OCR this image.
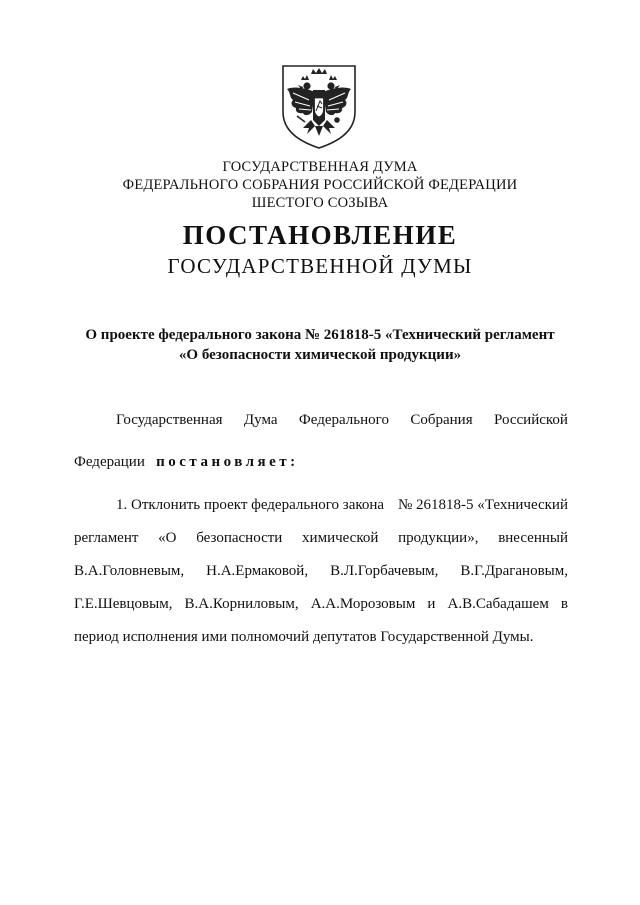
ГОСУДАРСТВЕННАЯ ДУМА
ФЕДЕРАЛЬНОГО СОБРАНИЯ РОССИЙСКОЙ ФЕДЕРАЦИИ
ШЕСТОГО СОЗЫВА
ПОСТАНОВЛЕНИЕ
ГОСУДАРСТВЕННОЙ ДУМЫ
О проекте федерального закона № 261818-5 «Технический регламент
«О безопасности химической продукции»
Государственная Дума Федерального Собрания Российской
Федерации постановляет:
1. Отклонить проект федерального закона № 261818-5 «Технический
регламент «О безопасности химической продукции», внесенный
В.А.Головневым, Н.А.Ермаковой, В.Л.Горбачевым, В.Г.Драгановым,
Г.Е.Шевцовым, В.А.Корниловым, А.А.Морозовым и А.В.Сабадашем в
период исполнения ими полномочий депутатов Государственной Думы.
